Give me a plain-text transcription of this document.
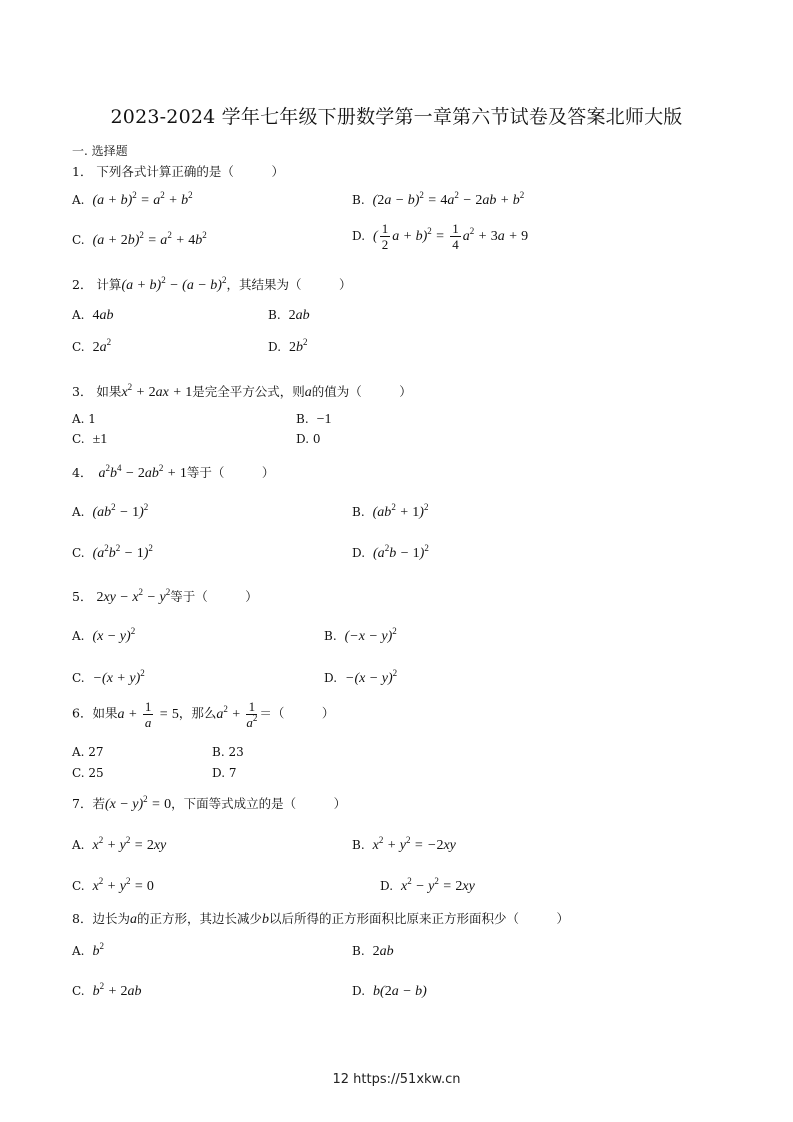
2023-2024 学年七年级下册数学第一章第六节试卷及答案北师大版
一. 选择题
1． 下列各式计算正确的是（　　　）
A. $(a + b)^2 = a^2 + b^2$	B. $(2a - b)^2 = 4a^2 - 2ab + b^2$
C. $(a + 2b)^2 = a^2 + 4b^2$	D. ( $\frac{1}{2}$ $a + b)^2 = \frac{1}{4} a^2 + 3a + 9$
2． 计算$(a + b)^2 - (a - b)^2$，其结果为（　　　）
A. 4ab	B. 2ab
C. $2a^2$	D. $2b^2$
3． 如果$x^2 + 2ax + 1$是完全平方公式，则a的值为（　　　）
A. 1	B. −1
C. ±1	D. 0
4． $a^2b^4 - 2ab^2 + 1$等于（　　　）
A. $(ab^2 - 1)^2$	B. $(ab^2 + 1)^2$
C. $(a^2b^2 - 1)^2$	D. $(a^2b - 1)^2$
5． $2xy - x^2 - y^2$等于（　　　）
A. $(x - y)^2$	B. $(-x - y)^2$
C. $-(x + y)^2$	D. $-(x - y)^2$
6．如果$a + \frac{1}{a} = 5$，那么$a^2 + \frac{1}{a^2}$ ＝（　　　）
A. 27	B. 23
C. 25	D. 7
7．若$(x - y)^2 = 0$，下面等式成立的是（　　　）
A. $x^2 + y^2 = 2xy$	B. $x^2 + y^2 = -2xy$
C. $x^2 + y^2 = 0$	D. $x^2 - y^2 = 2xy$
8．边长为a的正方形，其边长减少b以后所得的正方形面积比原来正方形面积少（　　　）
A. $b^2$	B. 2ab
C. $b^2 + 2ab$	D. b(2a − b)
12 https://51xkw.cn
